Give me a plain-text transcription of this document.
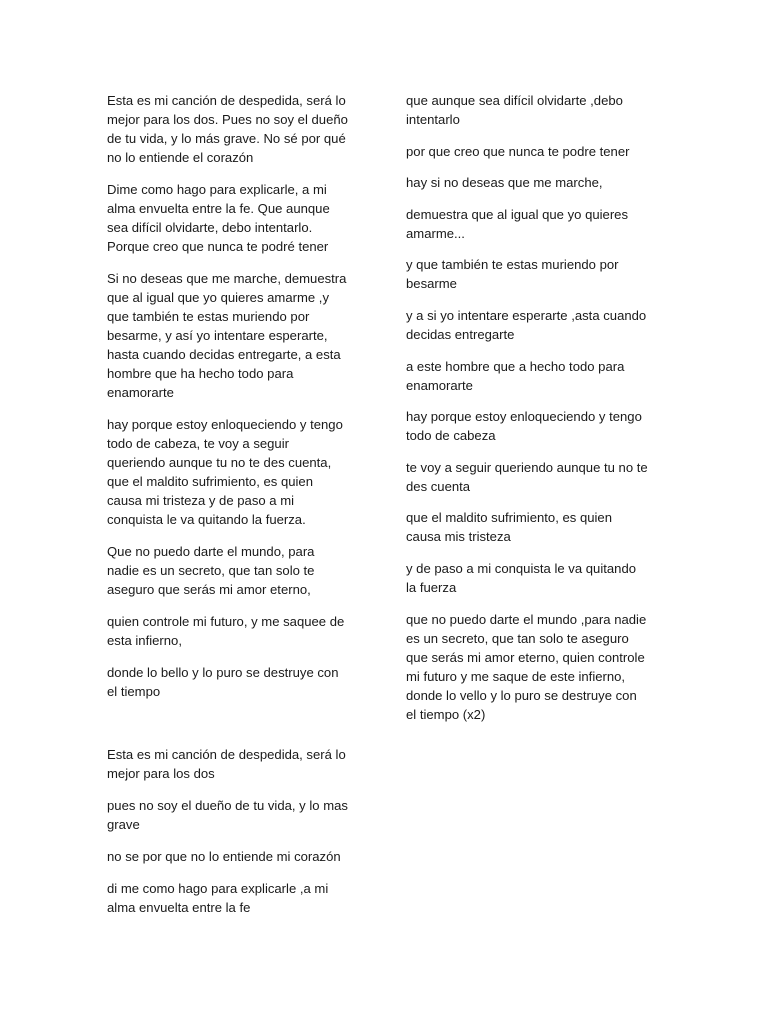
Esta es mi canción de despedida, será lo
mejor para los dos. Pues no soy el dueño
de tu vida, y lo más grave. No sé por qué
no lo entiende el corazón

Dime como hago para explicarle, a mi
alma envuelta entre la fe. Que aunque
sea difícil olvidarte, debo intentarlo.
Porque creo que nunca te podré tener

Si no deseas que me marche, demuestra
que al igual que yo quieres amarme ,y
que también te estas muriendo por
besarme, y así yo intentare esperarte,
hasta cuando decidas entregarte, a esta
hombre que ha hecho todo para
enamorarte

hay porque estoy enloqueciendo y tengo
todo de cabeza, te voy a seguir
queriendo aunque tu no te des cuenta,
que el maldito sufrimiento, es quien
causa mi tristeza y de paso a mi
conquista le va quitando la fuerza.

Que no puedo darte el mundo, para
nadie es un secreto, que tan solo te
aseguro que serás mi amor eterno,

quien controle mi futuro, y me saquee de
esta infierno,

donde lo bello y lo puro se destruye con
el tiempo

Esta es mi canción de despedida, será lo
mejor para los dos

pues no soy el dueño de tu vida, y lo mas
grave

no se por que no lo entiende mi corazón

di me como hago para explicarle ,a mi
alma envuelta entre la fe

que aunque sea difícil olvidarte ,debo
intentarlo

por que creo que nunca te podre tener

hay si no deseas que me marche,

demuestra que al igual que yo quieres
amarme...

y que también te estas muriendo por
besarme

y a si yo intentare esperarte ,asta cuando
decidas entregarte

a este hombre que a hecho todo para
enamorarte

hay porque estoy enloqueciendo y tengo
todo de cabeza

te voy a seguir queriendo aunque tu no te
des cuenta

que el maldito sufrimiento, es quien
causa mis tristeza

y de paso a mi conquista le va quitando
la fuerza

que no puedo darte el mundo ,para nadie
es un secreto, que tan solo te aseguro
que serás mi amor eterno, quien controle
mi futuro y me saque de este infierno,
donde lo vello y lo puro se destruye con
el tiempo (x2)
